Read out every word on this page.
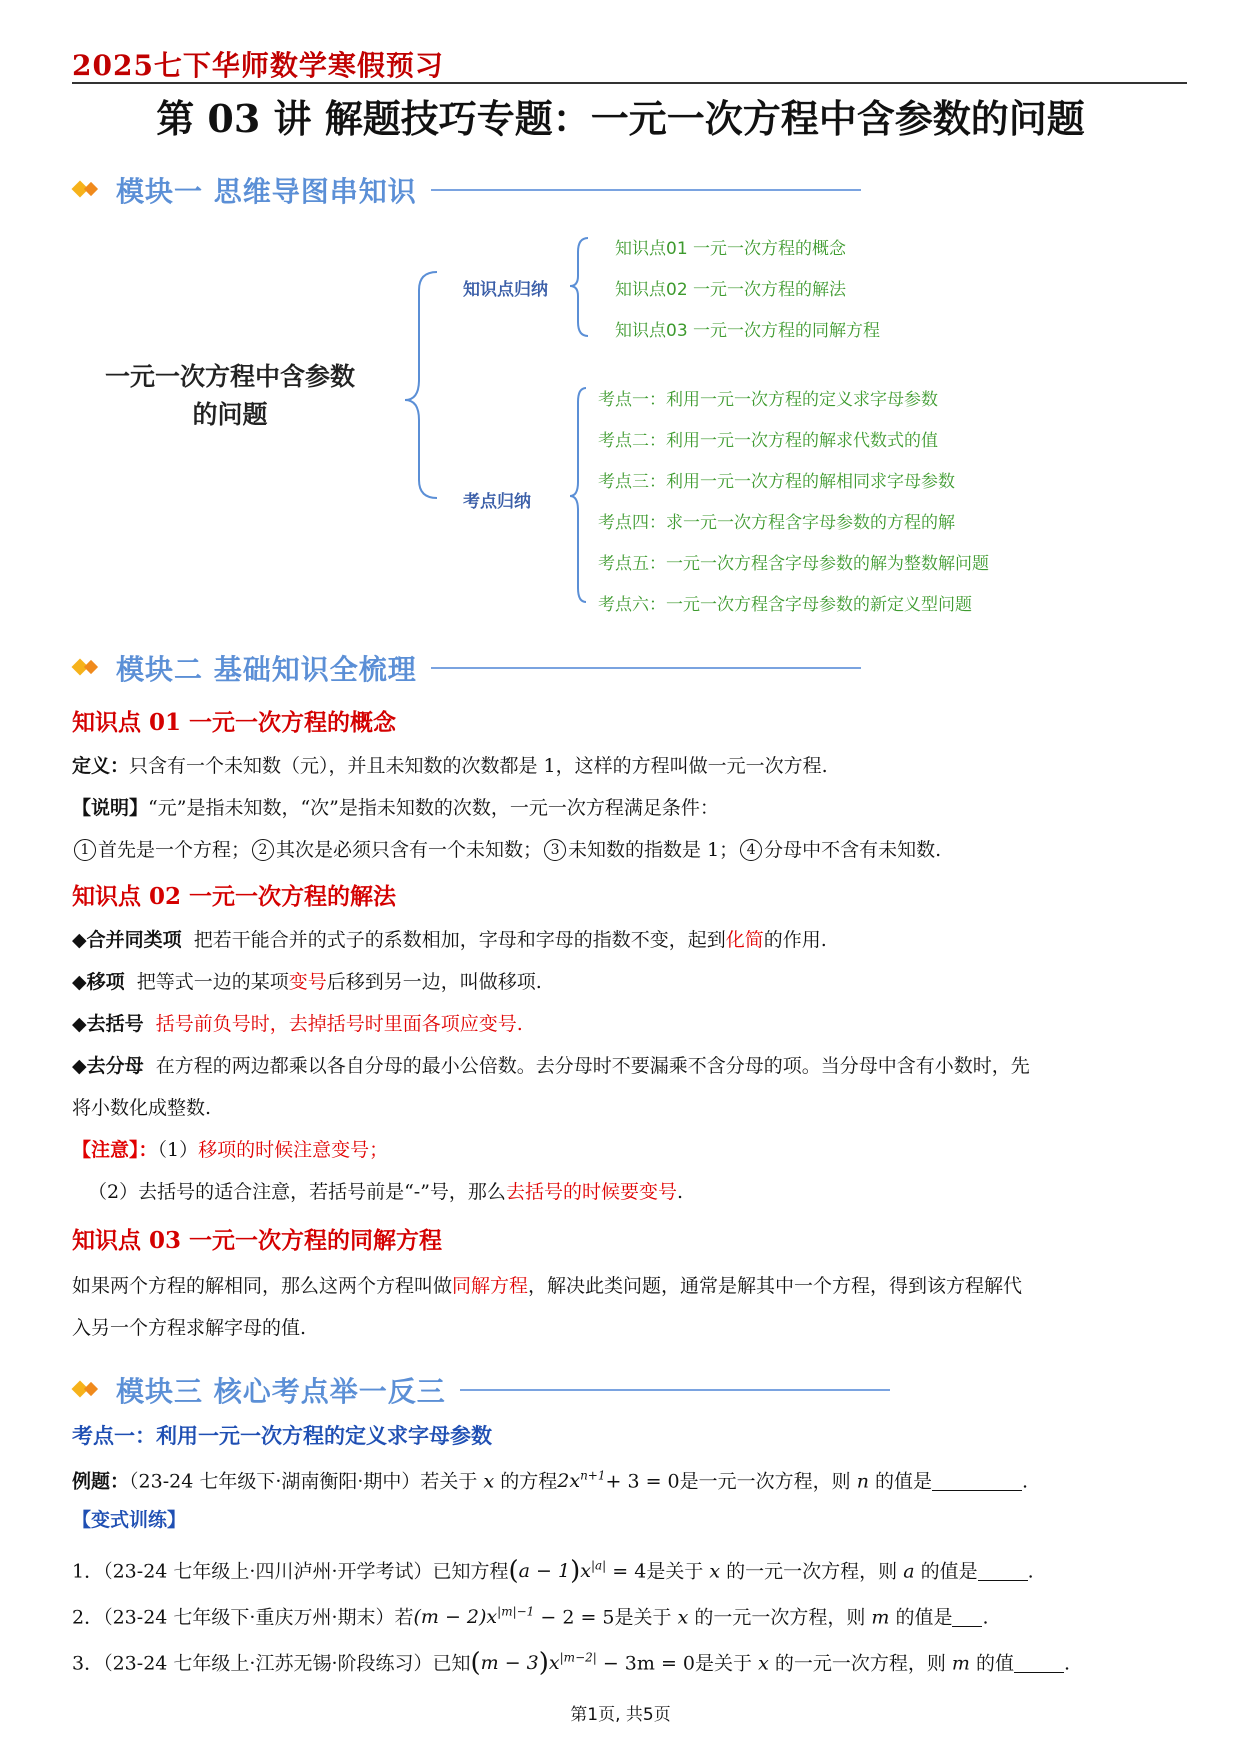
2025七下华师数学寒假预习
第 03 讲 解题技巧专题：一元一次方程中含参数的问题
模块一 思维导图串知识
一元一次方程中含参数
的问题
知识点归纳
考点归纳
知识点01 一元一次方程的概念
知识点02 一元一次方程的解法
知识点03 一元一次方程的同解方程
考点一：利用一元一次方程的定义求字母参数
考点二：利用一元一次方程的解求代数式的值
考点三：利用一元一次方程的解相同求字母参数
考点四：求一元一次方程含字母参数的方程的解
考点五：一元一次方程含字母参数的解为整数解问题
考点六：一元一次方程含字母参数的新定义型问题
模块二 基础知识全梳理
知识点 01 一元一次方程的概念
定义：只含有一个未知数（元），并且未知数的次数都是 1，这样的方程叫做一元一次方程.
【说明】“元”是指未知数，“次”是指未知数的次数，一元一次方程满足条件：
1 首先是一个方程； 2 其次是必须只含有一个未知数； 3 未知数的指数是 1； 4 分母中不含有未知数.
知识点 02 一元一次方程的解法
◆合并同类项 把若干能合并的式子的系数相加，字母和字母的指数不变，起到化简的作用.
◆移项 把等式一边的某项变号后移到另一边，叫做移项.
◆去括号 括号前负号时，去掉括号时里面各项应变号.
◆去分母 在方程的两边都乘以各自分母的最小公倍数。去分母时不要漏乘不含分母的项。当分母中含有小数时，先
将小数化成整数.
【注意】：（1）移项的时候注意变号；
（2）去括号的适合注意，若括号前是“-”号，那么去括号的时候要变号.
知识点 03 一元一次方程的同解方程
如果两个方程的解相同，那么这两个方程叫做同解方程，解决此类问题，通常是解其中一个方程，得到该方程解代
入另一个方程求解字母的值.
模块三 核心考点举一反三
考点一：利用一元一次方程的定义求字母参数
例题：（23-24 七年级下·湖南衡阳·期中）若关于 x 的方程$2x^{n+1}+ 3 = 0$是一元一次方程，则 n 的值是	.
【变式训练】
1．（23-24 七年级上·四川泸州·开学考试）已知方程$(a - 1)x^{|a|} = 4$是关于 x 的一元一次方程，则 a 的值是	.
2．（23-24 七年级下·重庆万州·期末）若$(m - 2)x^{|m|-1} - 2 = 5$是关于 x 的一元一次方程，则 m 的值是 .
3．（23-24 七年级上·江苏无锡·阶段练习）已知$(m - 3)x^{|m-2|} - 3m = 0$是关于 x 的一元一次方程，则 m 的值	.
第1页, 共5页
